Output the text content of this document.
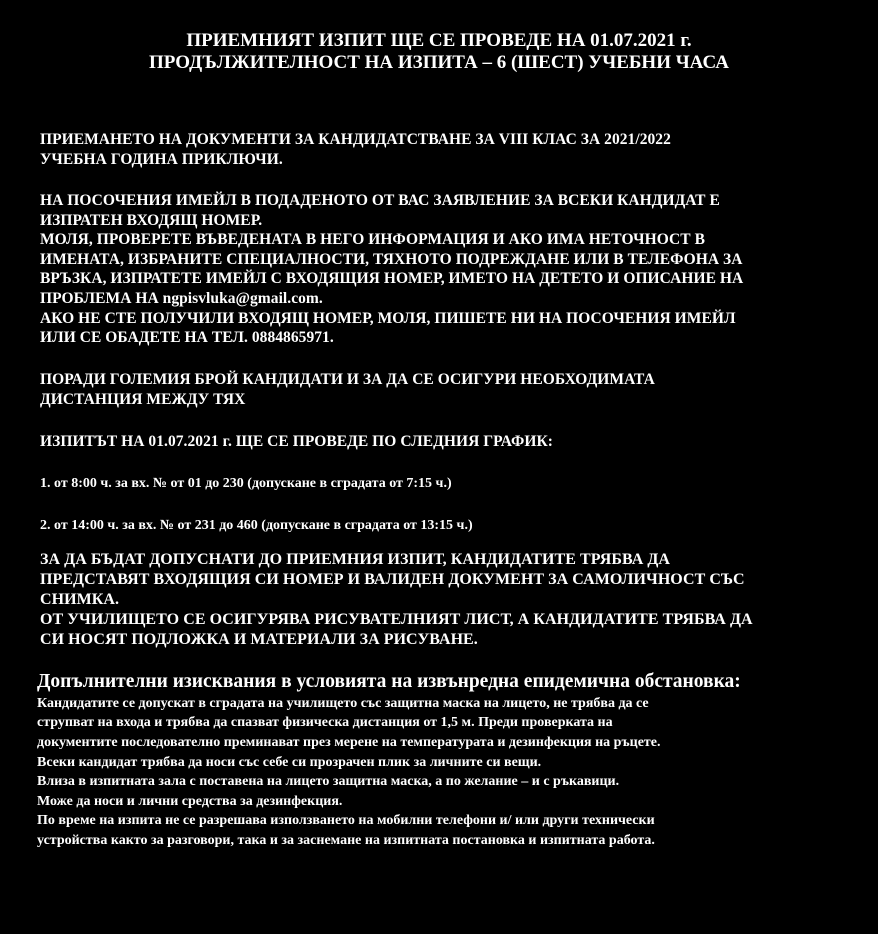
ПРИЕМНИЯТ ИЗПИТ ЩЕ СЕ ПРОВЕДЕ НА 01.07.2021 г.
ПРОДЪЛЖИТЕЛНОСТ НА ИЗПИТА – 6 (ШЕСТ) УЧЕБНИ ЧАСА
ПРИЕМАНЕТО НА ДОКУМЕНТИ ЗА КАНДИДАТСТВАНЕ ЗА VIII КЛАС ЗА 2021/2022
УЧЕБНА ГОДИНА ПРИКЛЮЧИ.
НА ПОСОЧЕНИЯ ИМЕЙЛ В ПОДАДЕНОТО ОТ ВАС ЗАЯВЛЕНИЕ ЗА ВСЕКИ КАНДИДАТ Е
ИЗПРАТЕН ВХОДЯЩ НОМЕР.
МОЛЯ, ПРОВЕРЕТЕ ВЪВЕДЕНАТА В НЕГО ИНФОРМАЦИЯ И АКО ИМА НЕТОЧНОСТ В
ИМЕНАТА, ИЗБРАНИТЕ СПЕЦИАЛНОСТИ, ТЯХНОТО ПОДРЕЖДАНЕ ИЛИ В ТЕЛЕФОНА ЗА
ВРЪЗКА, ИЗПРАТЕТЕ ИМЕЙЛ С ВХОДЯЩИЯ НОМЕР, ИМЕТО НА ДЕТЕТО И ОПИСАНИЕ НА
ПРОБЛЕМА НА ngpisvluka@gmail.com.
АКО НЕ СТЕ ПОЛУЧИЛИ ВХОДЯЩ НОМЕР, МОЛЯ, ПИШЕТЕ НИ НА ПОСОЧЕНИЯ ИМЕЙЛ
ИЛИ СЕ ОБАДЕТЕ НА ТЕЛ. 0884865971.
ПОРАДИ ГОЛЕМИЯ БРОЙ КАНДИДАТИ И ЗА ДА СЕ ОСИГУРИ НЕОБХОДИМАТА
ДИСТАНЦИЯ МЕЖДУ ТЯХ
ИЗПИТЪТ НА 01.07.2021 г. ЩЕ СЕ ПРОВЕДЕ ПО СЛЕДНИЯ ГРАФИК:
1. от 8:00 ч. за вх. № от 01 до 230 (допускане в сградата от 7:15 ч.)
2. от 14:00 ч. за вх. № от 231 до 460 (допускане в сградата от 13:15 ч.)
ЗА ДА БЪДАТ ДОПУСНАТИ ДО ПРИЕМНИЯ ИЗПИТ, КАНДИДАТИТЕ ТРЯБВА ДА
ПРЕДСТАВЯТ ВХОДЯЩИЯ СИ НОМЕР И ВАЛИДЕН ДОКУМЕНТ ЗА САМОЛИЧНОСТ СЪС
СНИМКА.
ОТ УЧИЛИЩЕТО СЕ ОСИГУРЯВА РИСУВАТЕЛНИЯТ ЛИСТ, А КАНДИДАТИТЕ ТРЯБВА ДА
СИ НОСЯТ ПОДЛОЖКА И МАТЕРИАЛИ ЗА РИСУВАНЕ.
Допълнителни изисквания в условията на извънредна епидемична обстановка:
Кандидатите се допускат в сградата на училището със защитна маска на лицето, не трябва да се
струпват на входа и трябва да спазват физическа дистанция от 1,5 м. Преди проверката на
документите последователно преминават през мерене на температурата и дезинфекция на ръцете.
Всеки кандидат трябва да носи със себе си прозрачен плик за личните си вещи.
Влиза в изпитната зала с поставена на лицето защитна маска, а по желание – и с ръкавици.
Може да носи и лични средства за дезинфекция.
По време на изпита не се разрешава използването на мобилни телефони и/ или други технически
устройства както за разговори, така и за заснемане на изпитната постановка и изпитната работа.
